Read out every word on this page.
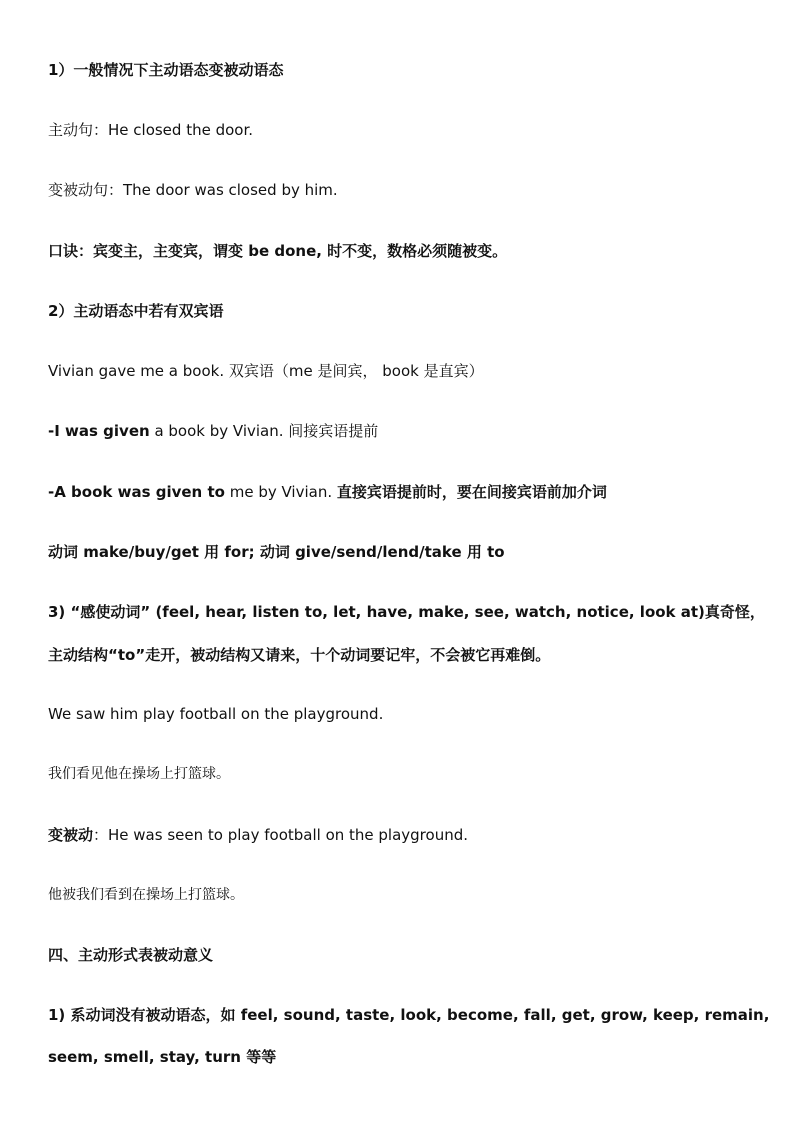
1）一般情况下主动语态变被动语态
主动句：He closed the door.
变被动句：The door was closed by him.
口诀：宾变主，主变宾，谓变 be done, 时不变，数格必须随被变。
2）主动语态中若有双宾语
Vivian gave me a book. 双宾语（me 是间宾， book 是直宾）
-I was given a book by Vivian. 间接宾语提前
-A book was given to me by Vivian. 直接宾语提前时，要在间接宾语前加介词
动词 make/buy/get 用 for; 动词 give/send/lend/take 用 to
3) “感使动词” (feel, hear, listen to, let, have, make, see, watch, notice, look at)真奇怪，
主动结构“to”走开，被动结构又请来，十个动词要记牢，不会被它再难倒。
We saw him play football on the playground.
我们看见他在操场上打篮球。
变被动：He was seen to play football on the playground.
他被我们看到在操场上打篮球。
四、主动形式表被动意义
1) 系动词没有被动语态，如 feel, sound, taste, look, become, fall, get, grow, keep, remain,
seem, smell, stay, turn 等等
